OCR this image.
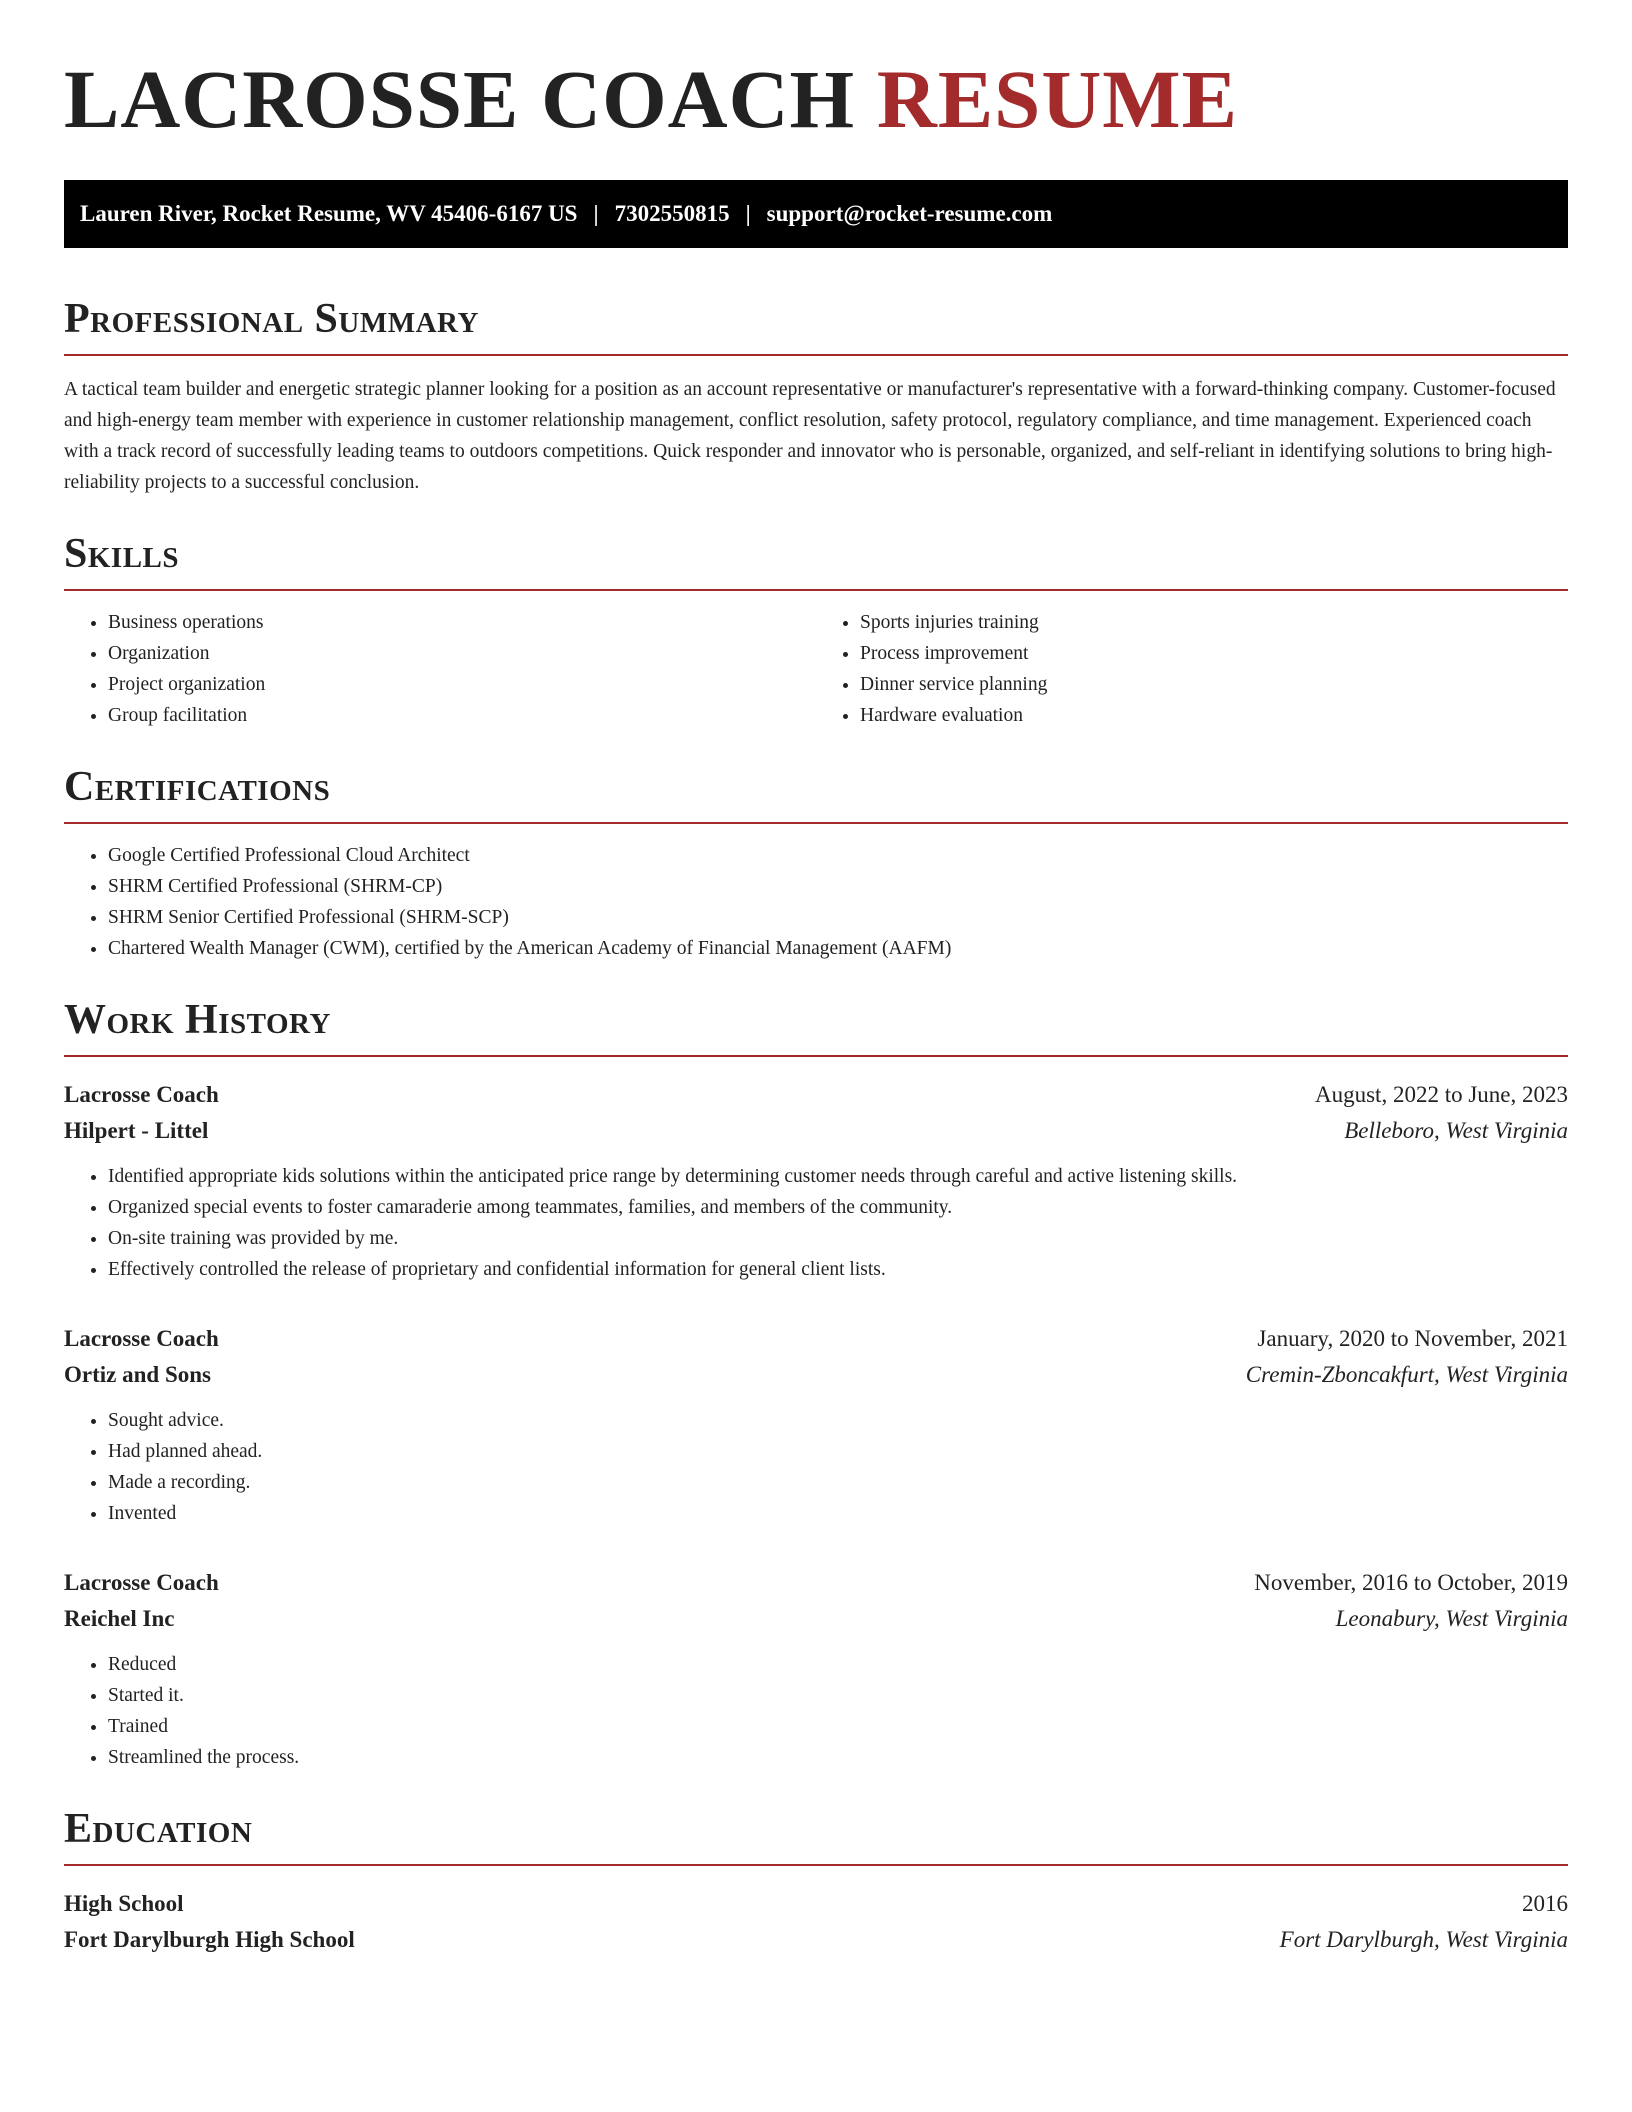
LACROSSE COACH RESUME
Lauren River, Rocket Resume, WV 45406-6167 US | 7302550815 | support@rocket-resume.com
Professional Summary

A tactical team builder and energetic strategic planner looking for a position as an account representative or manufacturer's representative with a forward-thinking company. Customer-focused and high-energy team member with experience in customer relationship management, conflict resolution, safety protocol, regulatory compliance, and time management. Experienced coach with a track record of successfully leading teams to outdoors competitions. Quick responder and innovator who is personable, organized, and self-reliant in identifying solutions to bring high-reliability projects to a successful conclusion.

Skills
• Business operations
• Organization
• Project organization
• Group facilitation
• Sports injuries training
• Process improvement
• Dinner service planning
• Hardware evaluation
Certifications
• Google Certified Professional Cloud Architect
• SHRM Certified Professional (SHRM-CP)
• SHRM Senior Certified Professional (SHRM-SCP)
• Chartered Wealth Manager (CWM), certified by the American Academy of Financial Management (AAFM)
Work History
Lacrosse Coach	August, 2022 to June, 2023
Hilpert - Littel	Belleboro, West Virginia
• Identified appropriate kids solutions within the anticipated price range by determining customer needs through careful and active listening skills.
• Organized special events to foster camaraderie among teammates, families, and members of the community.
• On-site training was provided by me.
• Effectively controlled the release of proprietary and confidential information for general client lists.
Lacrosse Coach	January, 2020 to November, 2021
Ortiz and Sons	Cremin-Zboncakfurt, West Virginia
• Sought advice.
• Had planned ahead.
• Made a recording.
• Invented
Lacrosse Coach	November, 2016 to October, 2019
Reichel Inc	Leonabury, West Virginia
• Reduced
• Started it.
• Trained
• Streamlined the process.
Education
High School	2016
Fort Darylburgh High School	Fort Darylburgh, West Virginia
